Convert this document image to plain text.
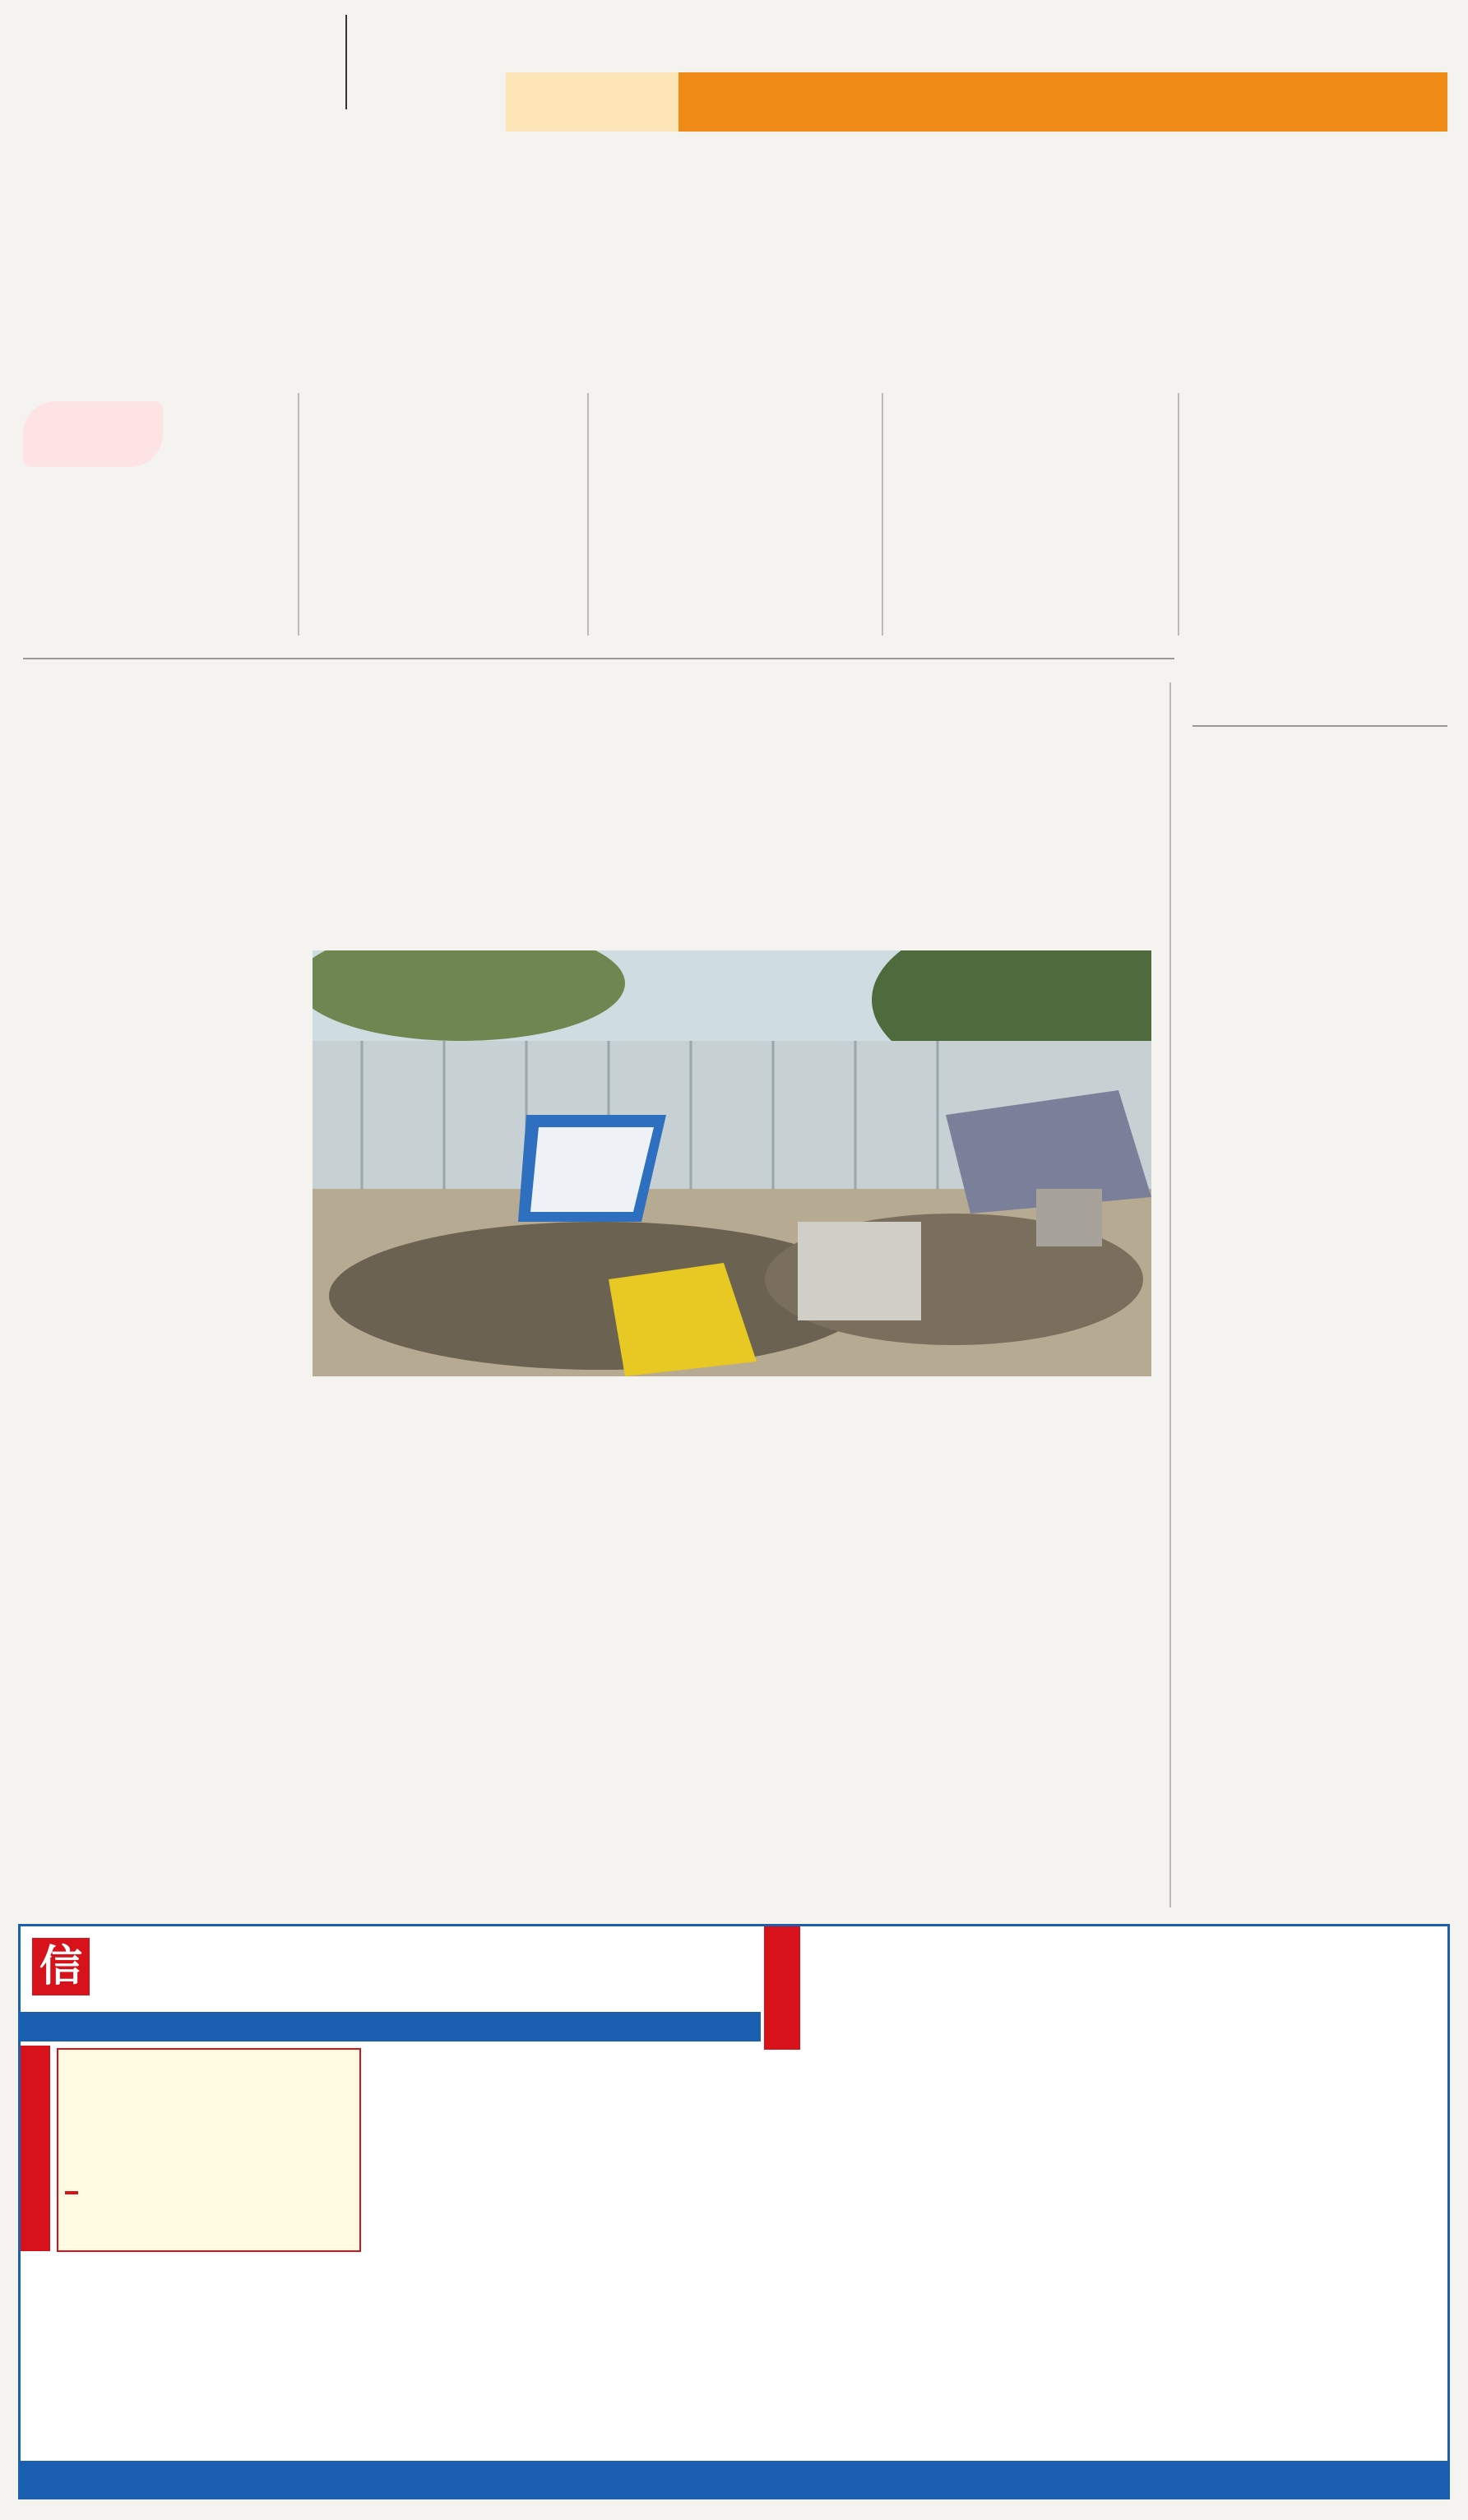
信
